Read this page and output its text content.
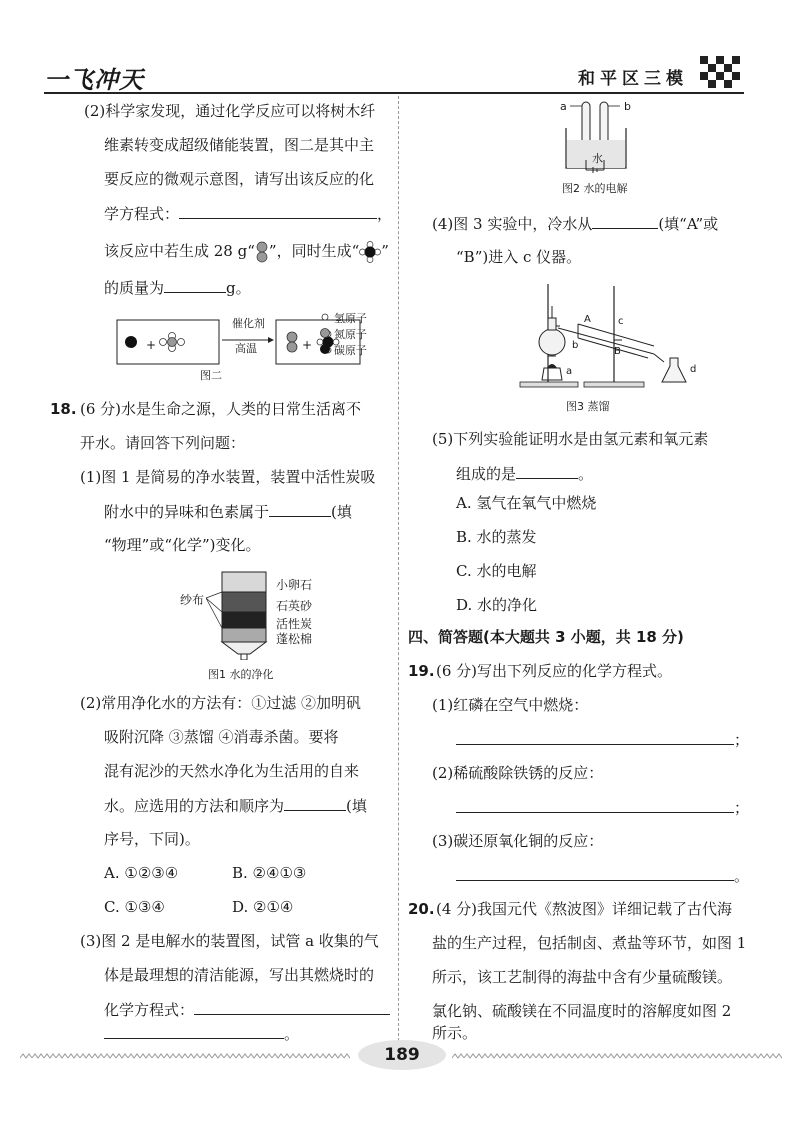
一飞冲天	和平区三模
(2)科学家发现，通过化学反应可以将树木纤
维素转变成超级储能装置，图二是其中主
要反应的微观示意图，请写出该反应的化
学方程式：	，
该反应中若生成 28 g“ ”，同时生成“ ”
的质量为	g。
+	+
催化剂
高温
氢原子
氮原子
碳原子
图二
18. (6 分)水是生命之源，人类的日常生活离不
开水。请回答下列问题：
(1)图 1 是简易的净水装置，装置中活性炭吸
附水中的异味和色素属于	(填
“物理”或“化学”)变化。
纱布
小卵石
石英砂
活性炭
蓬松棉
图1 水的净化
(2)常用净化水的方法有：①过滤 ②加明矾
吸附沉降 ③蒸馏 ④消毒杀菌。要将
混有泥沙的天然水净化为生活用的自来
水。应选用的方法和顺序为	(填
序号，下同)。
A. ①②③④	B. ②④①③
C. ①③④	D. ②①④
(3)图 2 是电解水的装置图，试管 a 收集的气
体是最理想的清洁能源，写出其燃烧时的
化学方程式：
。
a	b
水
图2 水的电解
(4)图 3 实验中，冷水从	(填“A”或
“B”)进入 c 仪器。
A	c
b
B
a	d
图3 蒸馏
(5)下列实验能证明水是由氢元素和氧元素
组成的是	。
A. 氢气在氧气中燃烧
B. 水的蒸发
C. 水的电解
D. 水的净化
四、简答题(本大题共 3 小题，共 18 分)
19. (6 分)写出下列反应的化学方程式。
(1)红磷在空气中燃烧：
；
(2)稀硫酸除铁锈的反应：
；
(3)碳还原氧化铜的反应：
。
20. (4 分)我国元代《熬波图》详细记载了古代海
盐的生产过程，包括制卤、煮盐等环节，如图 1
所示，该工艺制得的海盐中含有少量硫酸镁。
氯化钠、硫酸镁在不同温度时的溶解度如图 2
所示。
189
